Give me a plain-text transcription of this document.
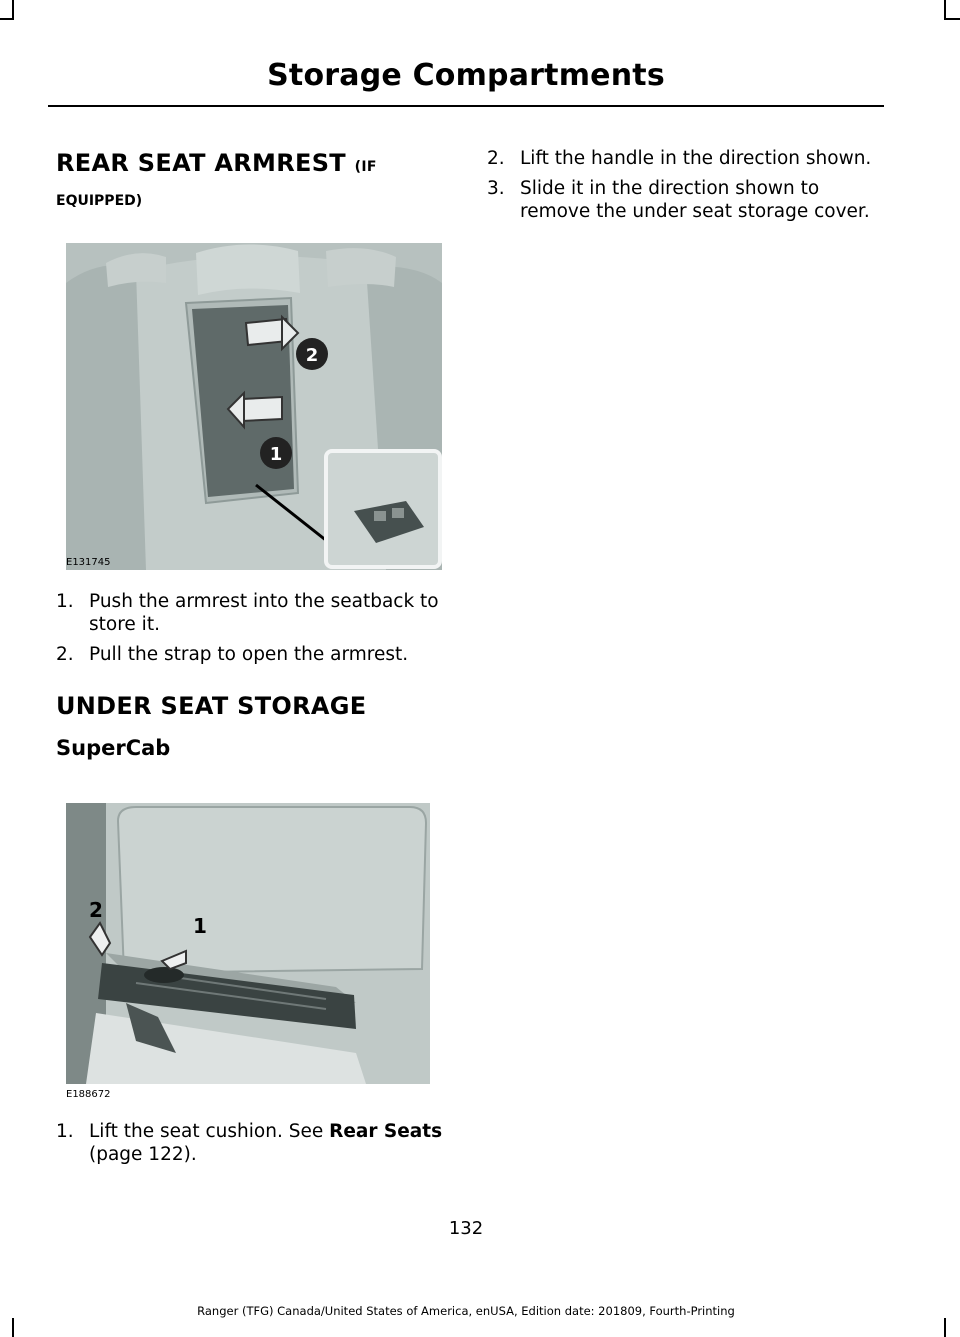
Storage Compartments
REAR SEAT ARMREST (IF
EQUIPPED)
2
1
E131745
1. Push the armrest into the seatback to store it.
2. Pull the strap to open the armrest.
UNDER SEAT STORAGE
SuperCab
1
2
E188672
1. Lift the seat cushion. See Rear Seats
(page 122).
2. Lift the handle in the direction shown.
3. Slide it in the direction shown to remove the under seat storage cover.
132
Ranger (TFG) Canada/United States of America, enUSA, Edition date: 201809, Fourth-Printing
